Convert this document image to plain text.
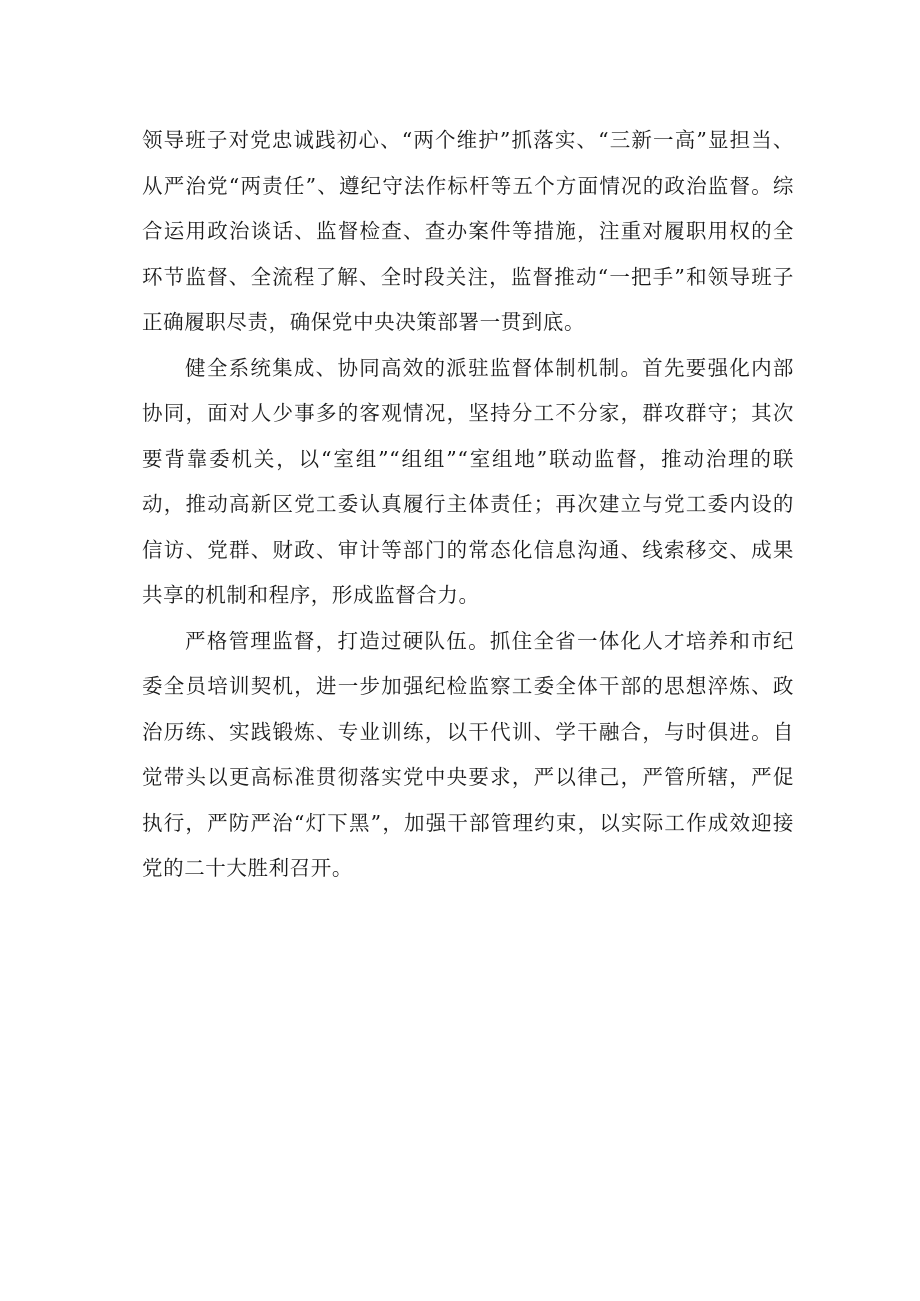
领导班子对党忠诚践初心、“两个维护”抓落实、“三新一高”显担当、从严治党“两责任”、遵纪守法作标杆等五个方面情况的政治监督。综合运用政治谈话、监督检查、查办案件等措施，注重对履职用权的全环节监督、全流程了解、全时段关注，监督推动“一把手”和领导班子正确履职尽责，确保党中央决策部署一贯到底。

健全系统集成、协同高效的派驻监督体制机制。首先要强化内部协同，面对人少事多的客观情况，坚持分工不分家，群攻群守；其次要背靠委机关，以“室组”“组组”“室组地”联动监督，推动治理的联动，推动高新区党工委认真履行主体责任；再次建立与党工委内设的信访、党群、财政、审计等部门的常态化信息沟通、线索移交、成果共享的机制和程序，形成监督合力。

严格管理监督，打造过硬队伍。抓住全省一体化人才培养和市纪委全员培训契机，进一步加强纪检监察工委全体干部的思想淬炼、政治历练、实践锻炼、专业训练，以干代训、学干融合，与时俱进。自觉带头以更高标准贯彻落实党中央要求，严以律己，严管所辖，严促执行，严防严治“灯下黑”，加强干部管理约束，以实际工作成效迎接党的二十大胜利召开。
